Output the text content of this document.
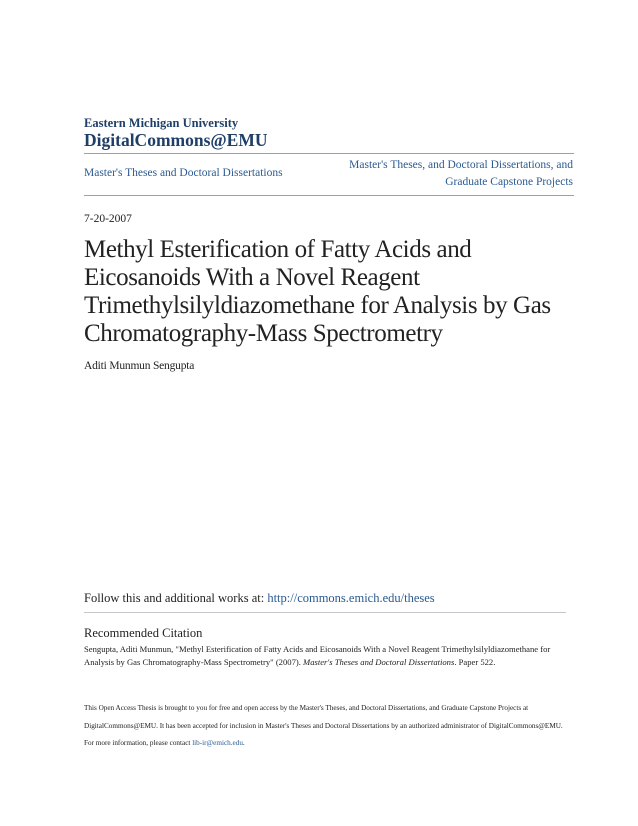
Eastern Michigan University
DigitalCommons@EMU
Master's Theses and Doctoral Dissertations
Master's Theses, and Doctoral Dissertations, and
Graduate Capstone Projects
7-20-2007
Methyl Esterification of Fatty Acids and Eicosanoids With a Novel Reagent Trimethylsilyldiazomethane for Analysis by Gas Chromatography-Mass Spectrometry
Aditi Munmun Sengupta
Follow this and additional works at: http://commons.emich.edu/theses
Recommended Citation
Sengupta, Aditi Munmun, "Methyl Esterification of Fatty Acids and Eicosanoids With a Novel Reagent Trimethylsilyldiazomethane for Analysis by Gas Chromatography-Mass Spectrometry" (2007). Master's Theses and Doctoral Dissertations. Paper 522.
This Open Access Thesis is brought to you for free and open access by the Master's Theses, and Doctoral Dissertations, and Graduate Capstone Projects at DigitalCommons@EMU. It has been accepted for inclusion in Master's Theses and Doctoral Dissertations by an authorized administrator of DigitalCommons@EMU. For more information, please contact lib-ir@emich.edu.
